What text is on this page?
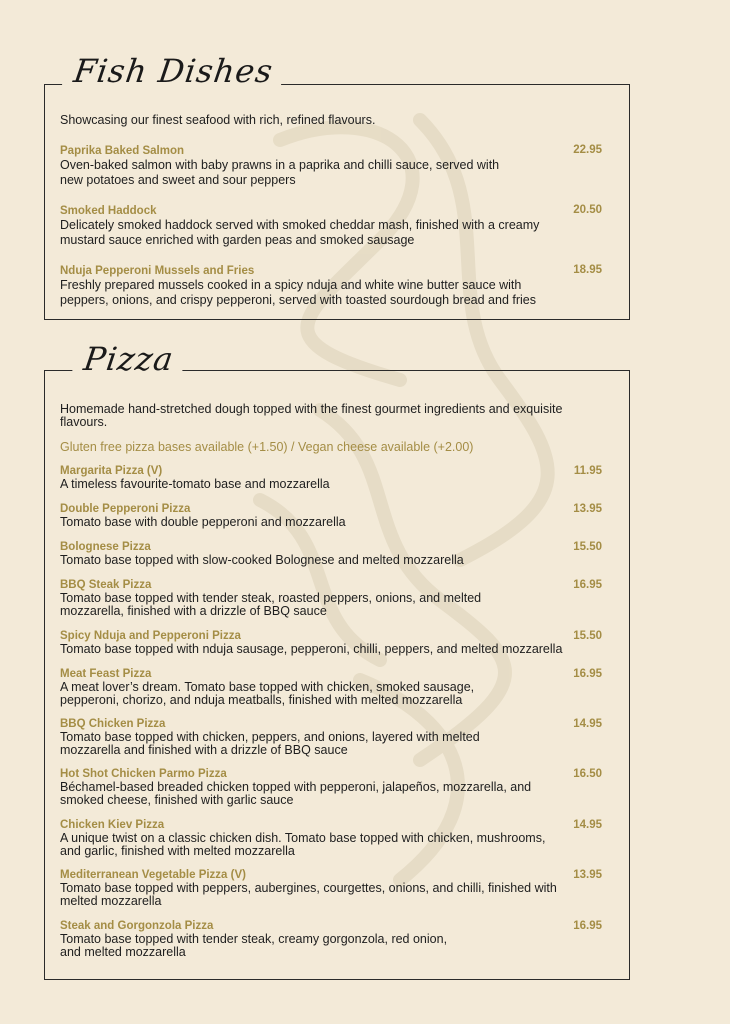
Fish Dishes
Showcasing our finest seafood with rich, refined flavours.
Paprika Baked Salmon	22.95
Oven-baked salmon with baby prawns in a paprika and chilli sauce, served with
new potatoes and sweet and sour peppers
Smoked Haddock	20.50
Delicately smoked haddock served with smoked cheddar mash, finished with a creamy
mustard sauce enriched with garden peas and smoked sausage
Nduja Pepperoni Mussels and Fries	18.95
Freshly prepared mussels cooked in a spicy nduja and white wine butter sauce with
peppers, onions, and crispy pepperoni, served with toasted sourdough bread and fries
Pizza
Homemade hand-stretched dough topped with the finest gourmet ingredients and exquisite
flavours.
Gluten free pizza bases available (+1.50) / Vegan cheese available (+2.00)
Margarita Pizza (V)	11.95
A timeless favourite-tomato base and mozzarella
Double Pepperoni Pizza	13.95
Tomato base with double pepperoni and mozzarella
Bolognese Pizza	15.50
Tomato base topped with slow-cooked Bolognese and melted mozzarella
BBQ Steak Pizza	16.95
Tomato base topped with tender steak, roasted peppers, onions, and melted
mozzarella, finished with a drizzle of BBQ sauce
Spicy Nduja and Pepperoni Pizza	15.50
Tomato base topped with nduja sausage, pepperoni, chilli, peppers, and melted mozzarella
Meat Feast Pizza	16.95
A meat lover’s dream. Tomato base topped with chicken, smoked sausage,
pepperoni, chorizo, and nduja meatballs, finished with melted mozzarella
BBQ Chicken Pizza	14.95
Tomato base topped with chicken, peppers, and onions, layered with melted
mozzarella and finished with a drizzle of BBQ sauce
Hot Shot Chicken Parmo Pizza	16.50
Béchamel-based breaded chicken topped with pepperoni, jalapeños, mozzarella, and
smoked cheese, finished with garlic sauce
Chicken Kiev Pizza	14.95
A unique twist on a classic chicken dish. Tomato base topped with chicken, mushrooms,
and garlic, finished with melted mozzarella
Mediterranean Vegetable Pizza (V)	13.95
Tomato base topped with peppers, aubergines, courgettes, onions, and chilli, finished with
melted mozzarella
Steak and Gorgonzola Pizza	16.95
Tomato base topped with tender steak, creamy gorgonzola, red onion,
and melted mozzarella
